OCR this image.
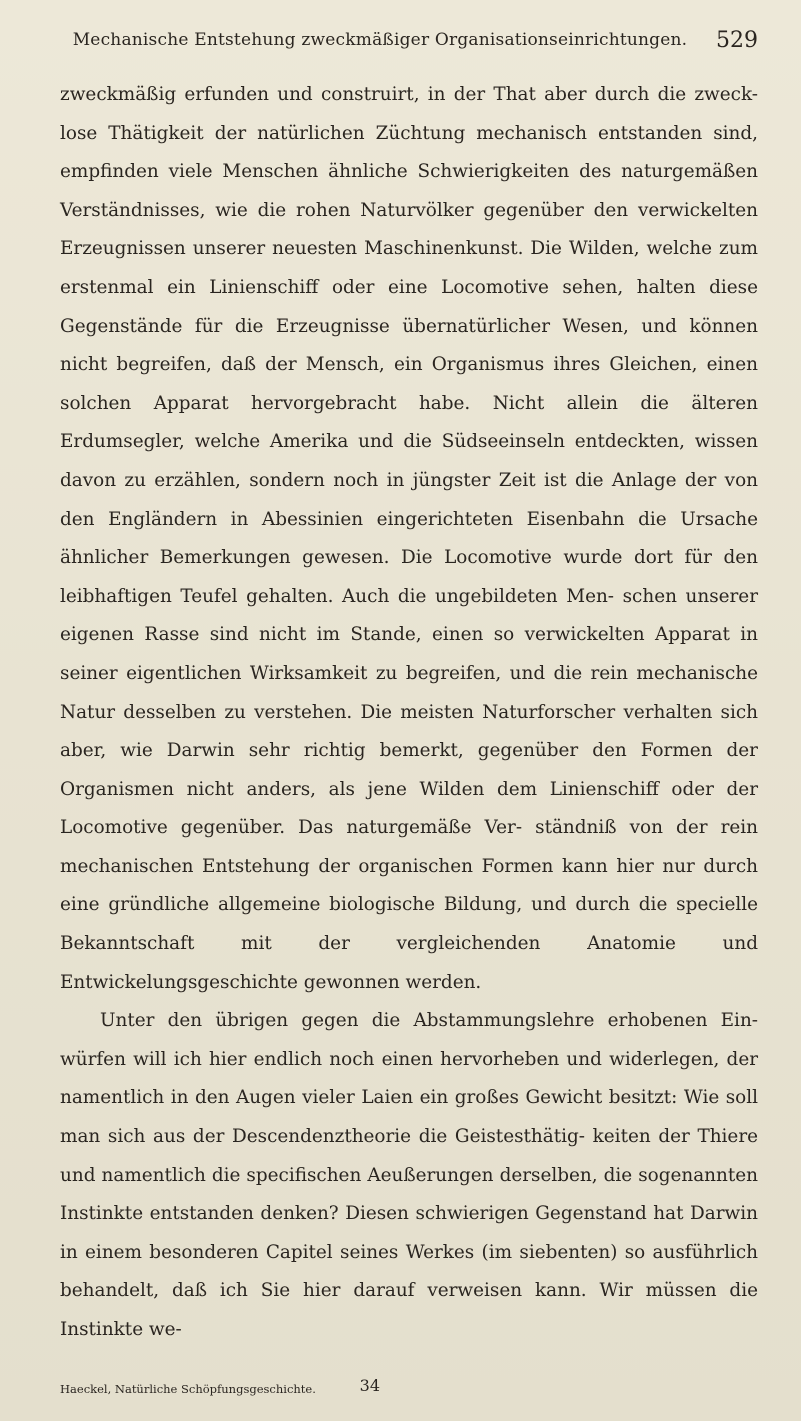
Mechanische Entstehung zweckmäßiger Organisationseinrichtungen.	529

zweckmäßig erfunden und construirt, in der That aber durch die zweck- lose Thätigkeit der natürlichen Züchtung mechanisch entstanden sind, empfinden viele Menschen ähnliche Schwierigkeiten des naturgemäßen Verständnisses, wie die rohen Naturvölker gegenüber den verwickelten Erzeugnissen unserer neuesten Maschinenkunst. Die Wilden, welche zum erstenmal ein Linienschiff oder eine Locomotive sehen, halten diese Gegenstände für die Erzeugnisse übernatürlicher Wesen, und können nicht begreifen, daß der Mensch, ein Organismus ihres Gleichen, einen solchen Apparat hervorgebracht habe. Nicht allein die älteren Erdumsegler, welche Amerika und die Südseeinseln entdeckten, wissen davon zu erzählen, sondern noch in jüngster Zeit ist die Anlage der von den Engländern in Abessinien eingerichteten Eisenbahn die Ursache ähnlicher Bemerkungen gewesen. Die Locomotive wurde dort für den leibhaftigen Teufel gehalten. Auch die ungebildeten Men- schen unserer eigenen Rasse sind nicht im Stande, einen so verwickelten Apparat in seiner eigentlichen Wirksamkeit zu begreifen, und die rein mechanische Natur desselben zu verstehen. Die meisten Naturforscher verhalten sich aber, wie Darwin sehr richtig bemerkt, gegenüber den Formen der Organismen nicht anders, als jene Wilden dem Linienschiff oder der Locomotive gegenüber. Das naturgemäße Ver- ständniß von der rein mechanischen Entstehung der organischen Formen kann hier nur durch eine gründliche allgemeine biologische Bildung, und durch die specielle Bekanntschaft mit der vergleichenden Anatomie	und Entwickelungsgeschichte gewonnen werden.

Unter den übrigen gegen die Abstammungslehre erhobenen Ein- würfen will ich hier endlich noch einen hervorheben und widerlegen, der namentlich in den Augen vieler Laien ein großes Gewicht besitzt: Wie soll man sich aus der Descendenztheorie die Geistesthätig- keiten der Thiere und namentlich die specifischen Aeußerungen derselben, die sogenannten Instinkte entstanden denken? Diesen schwierigen Gegenstand hat Darwin in einem besonderen Capitel seines Werkes (im siebenten) so ausführlich behandelt, daß ich Sie hier darauf verweisen kann. Wir müssen die Instinkte we-

Haeckel, Natürliche Schöpfungsgeschichte.	34
